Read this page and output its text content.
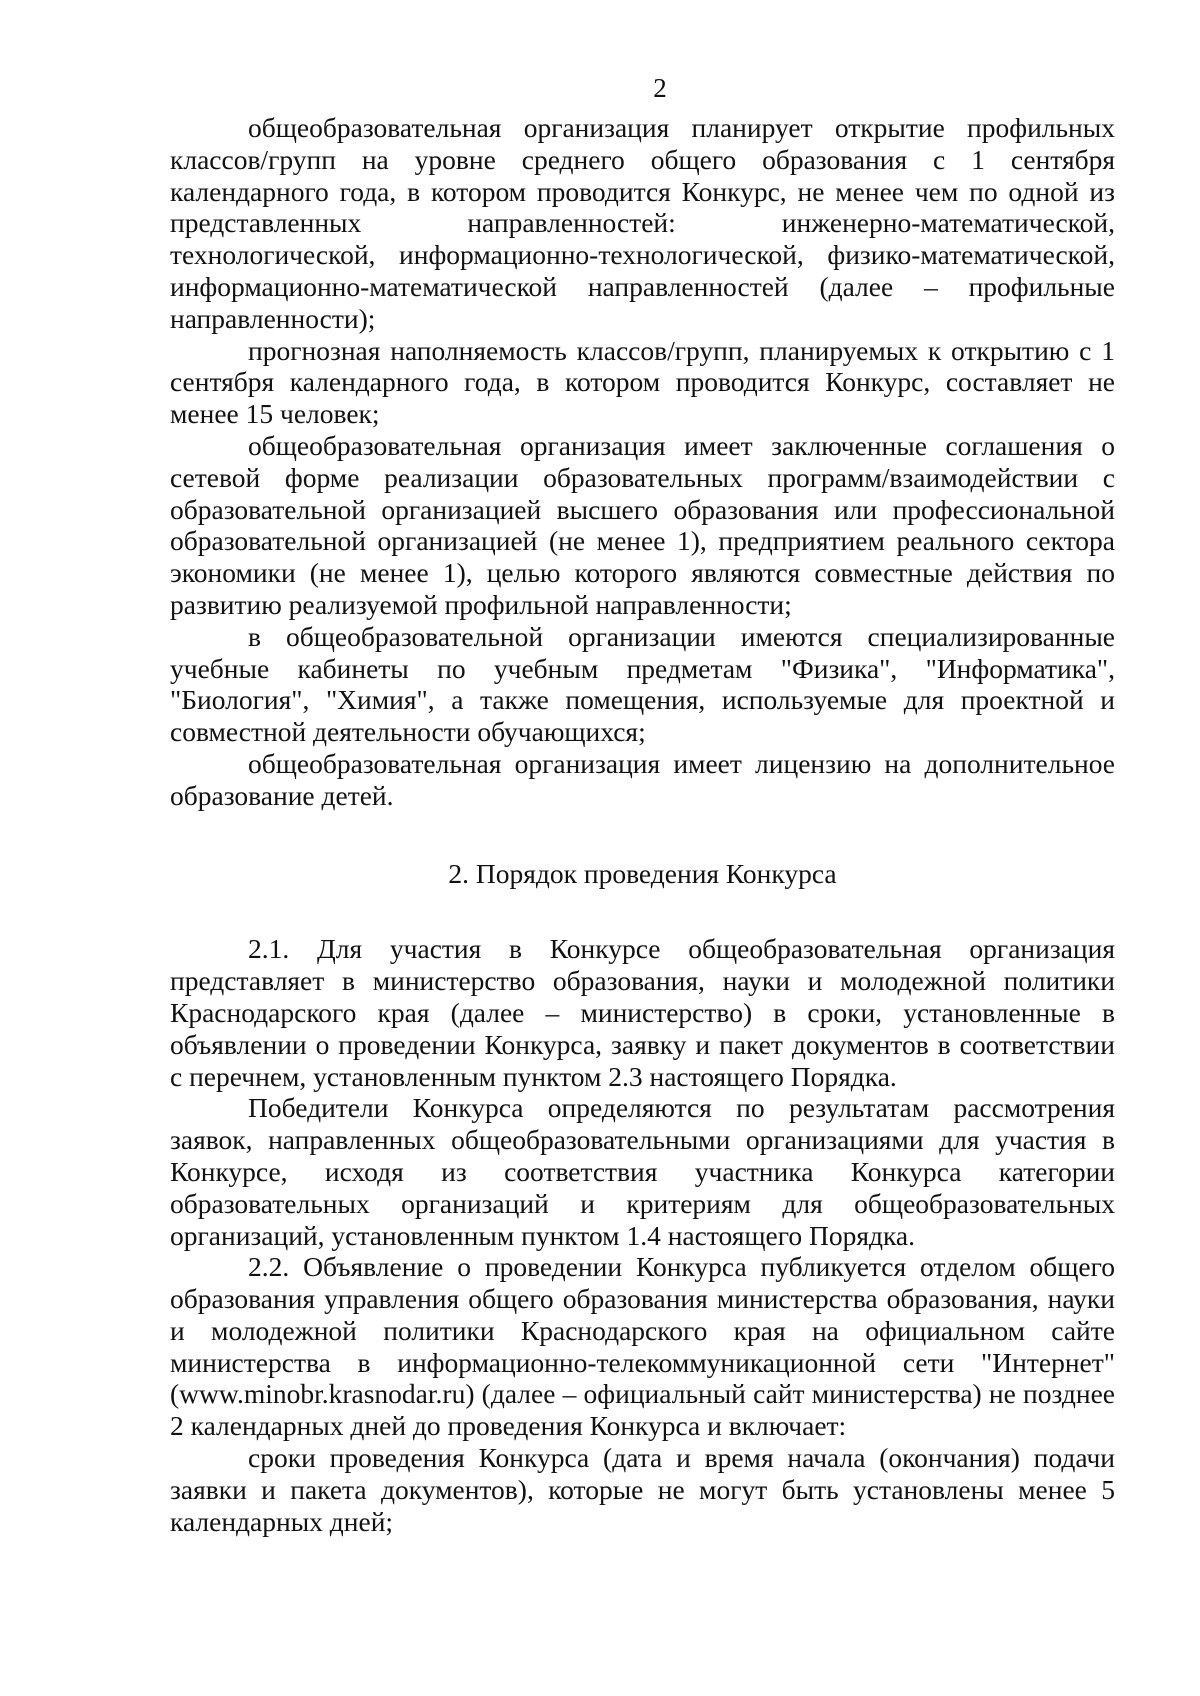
2

общеобразовательная организация планирует открытие профильных классов/групп на уровне среднего общего образования с 1 сентября календарного года, в котором проводится Конкурс, не менее чем по одной из представленных направленностей: инженерно-математической, технологической, информационно-технологической, физико-математической, информационно-математической направленностей (далее – профильные направленности);

прогнозная наполняемость классов/групп, планируемых к открытию с 1 сентября календарного года, в котором проводится Конкурс, составляет не менее 15 человек;

общеобразовательная организация имеет заключенные соглашения о сетевой форме реализации образовательных программ/взаимодействии с образовательной организацией высшего образования или профессиональной образовательной организацией (не менее 1), предприятием реального сектора экономики (не менее 1), целью которого являются совместные действия по развитию реализуемой профильной направленности;

в общеобразовательной организации имеются специализированные учебные кабинеты по учебным предметам "Физика", "Информатика", "Биология", "Химия", а также помещения, используемые для проектной и совместной деятельности обучающихся;

общеобразовательная организация имеет лицензию на дополнительное образование детей.

2. Порядок проведения Конкурса

2.1. Для участия в Конкурсе общеобразовательная организация представляет в министерство образования, науки и молодежной политики Краснодарского края (далее – министерство) в сроки, установленные в объявлении о проведении Конкурса, заявку и пакет документов в соответствии с перечнем, установленным пунктом 2.3 настоящего Порядка.

Победители Конкурса определяются по результатам рассмотрения заявок, направленных общеобразовательными организациями для участия в Конкурсе, исходя из соответствия участника Конкурса категории образовательных организаций и критериям для общеобразовательных организаций, установленным пунктом 1.4 настоящего Порядка.

2.2. Объявление о проведении Конкурса публикуется отделом общего образования управления общего образования министерства образования, науки и молодежной политики Краснодарского края на официальном сайте министерства в информационно-телекоммуникационной сети "Интернет" (www.minobr.krasnodar.ru) (далее – официальный сайт министерства) не позднее 2 календарных дней до проведения Конкурса и включает:

сроки проведения Конкурса (дата и время начала (окончания) подачи заявки и пакета документов), которые не могут быть установлены менее 5 календарных дней;
